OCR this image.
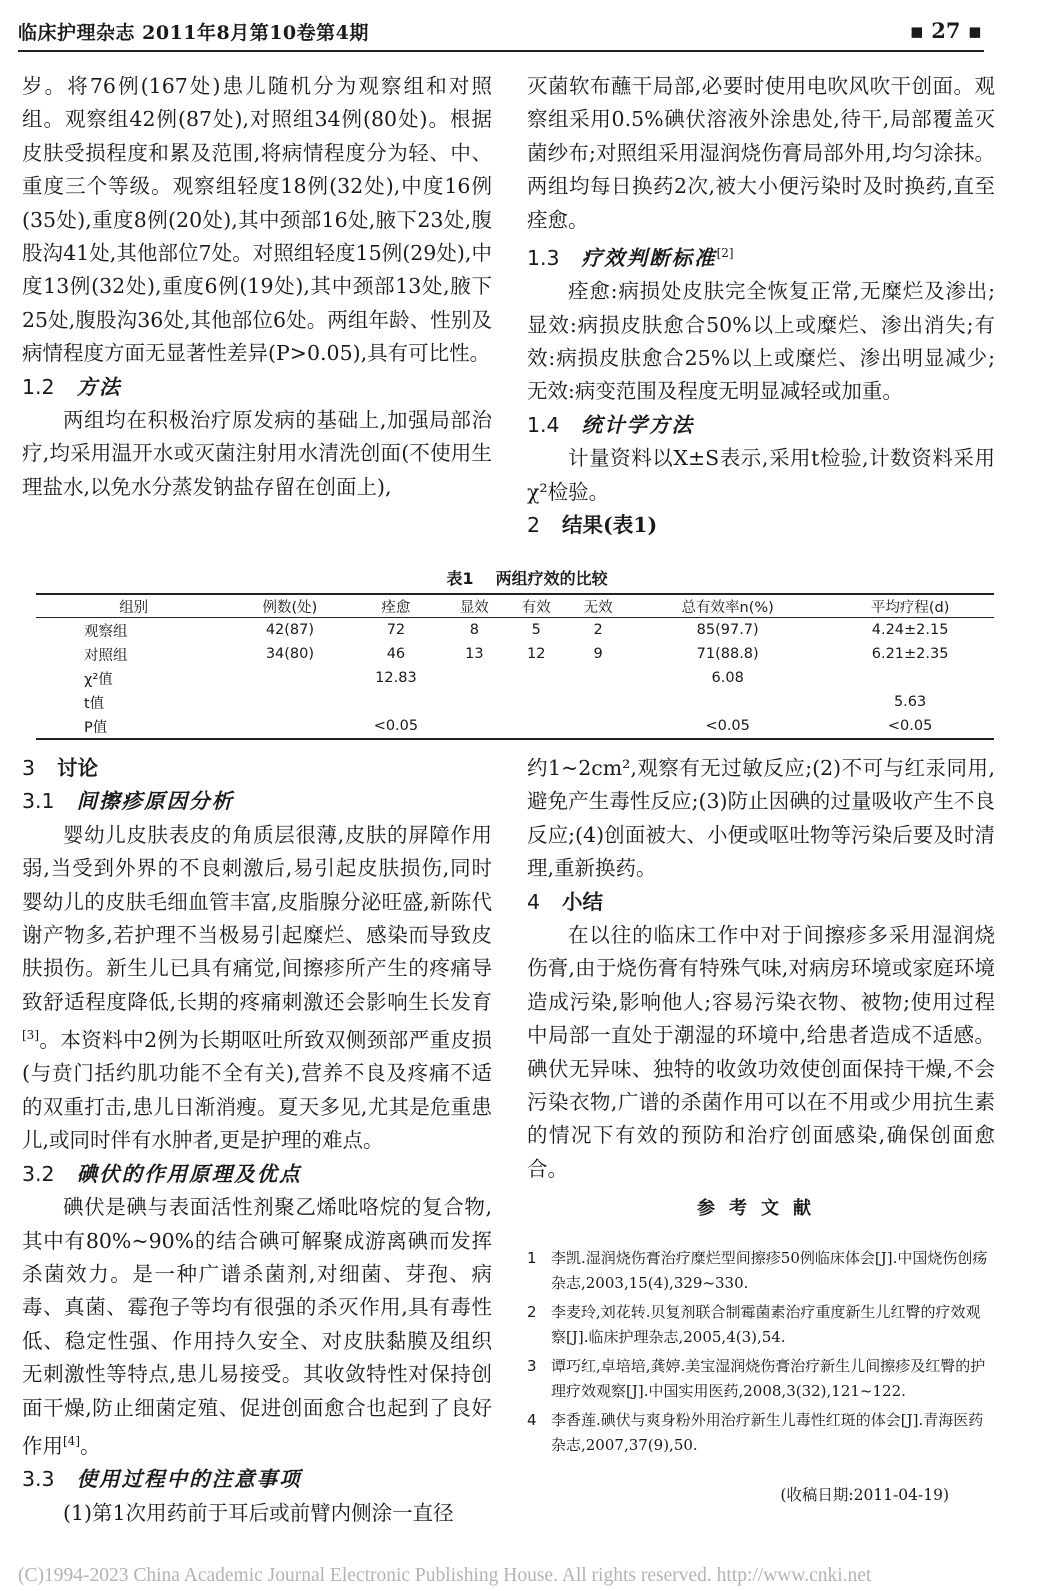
临床护理杂志 2011年8月第10卷第4期	▪ 27 ▪

岁。将76例(167处)患儿随机分为观察组和对照组。观察组42例(87处),对照组34例(80处)。根据皮肤受损程度和累及范围,将病情程度分为轻、中、重度三个等级。观察组轻度18例(32处),中度16例(35处),重度8例(20处),其中颈部16处,腋下23处,腹股沟41处,其他部位7处。对照组轻度15例(29处),中度13例(32处),重度6例(19处),其中颈部13处,腋下25处,腹股沟36处,其他部位6处。两组年龄、性别及病情程度方面无显著性差异(P>0.05),具有可比性。

1.2 方法

两组均在积极治疗原发病的基础上,加强局部治疗,均采用温开水或灭菌注射用水清洗创面(不使用生理盐水,以免水分蒸发钠盐存留在创面上),

灭菌软布蘸干局部,必要时使用电吹风吹干创面。观察组采用0.5%碘伏溶液外涂患处,待干,局部覆盖灭菌纱布;对照组采用湿润烧伤膏局部外用,均匀涂抹。两组均每日换药2次,被大小便污染时及时换药,直至痊愈。

1.3 疗效判断标准[2]

痊愈:病损处皮肤完全恢复正常,无糜烂及渗出;显效:病损皮肤愈合50%以上或糜烂、渗出消失;有效:病损皮肤愈合25%以上或糜烂、渗出明显减少;无效:病变范围及程度无明显减轻或加重。

1.4 统计学方法

计量资料以X±S表示,采用t检验,计数资料采用χ²检验。

2 结果(表1)
表1 两组疗效的比较
组别	例数(处)	痊愈	显效	有效	无效	总有效率n(%)	平均疗程(d)
观察组	42(87)	72	8	5	2	85(97.7)	4.24±2.15
对照组	34(80)	46	13	12	9	71(88.8)	6.21±2.35
χ²值		12.83				6.08	
t值							5.63
P值		<0.05				<0.05	<0.05
3 讨论
3.1 间擦疹原因分析

婴幼儿皮肤表皮的角质层很薄,皮肤的屏障作用弱,当受到外界的不良刺激后,易引起皮肤损伤,同时婴幼儿的皮肤毛细血管丰富,皮脂腺分泌旺盛,新陈代谢产物多,若护理不当极易引起糜烂、感染而导致皮肤损伤。新生儿已具有痛觉,间擦疹所产生的疼痛导致舒适程度降低,长期的疼痛刺激还会影响生长发育[3]。本资料中2例为长期呕吐所致双侧颈部严重皮损(与贲门括约肌功能不全有关),营养不良及疼痛不适的双重打击,患儿日渐消瘦。夏天多见,尤其是危重患儿,或同时伴有水肿者,更是护理的难点。

3.2 碘伏的作用原理及优点

碘伏是碘与表面活性剂聚乙烯吡咯烷的复合物,其中有80%~90%的结合碘可解聚成游离碘而发挥杀菌效力。是一种广谱杀菌剂,对细菌、芽孢、病毒、真菌、霉孢子等均有很强的杀灭作用,具有毒性低、稳定性强、作用持久安全、对皮肤黏膜及组织无刺激性等特点,患儿易接受。其收敛特性对保持创面干燥,防止细菌定殖、促进创面愈合也起到了良好作用[4]。

3.3 使用过程中的注意事项

(1)第1次用药前于耳后或前臂内侧涂一直径

约1~2cm²,观察有无过敏反应;(2)不可与红汞同用,避免产生毒性反应;(3)防止因碘的过量吸收产生不良反应;(4)创面被大、小便或呕吐物等污染后要及时清理,重新换药。

4 小结

在以往的临床工作中对于间擦疹多采用湿润烧伤膏,由于烧伤膏有特殊气味,对病房环境或家庭环境造成污染,影响他人;容易污染衣物、被物;使用过程中局部一直处于潮湿的环境中,给患者造成不适感。碘伏无异味、独特的收敛功效使创面保持干燥,不会污染衣物,广谱的杀菌作用可以在不用或少用抗生素的情况下有效的预防和治疗创面感染,确保创面愈合。

参考文献
1 李凯.湿润烧伤膏治疗糜烂型间擦疹50例临床体会[J].中国烧伤创疡杂志,2003,15(4),329~330.
2 李麦玲,刘花转.贝复剂联合制霉菌素治疗重度新生儿红臀的疗效观察[J].临床护理杂志,2005,4(3),54.
3 谭巧红,卓培培,龚婷.美宝湿润烧伤膏治疗新生儿间擦疹及红臀的护理疗效观察[J].中国实用医药,2008,3(32),121~122.
4 李香莲.碘伏与爽身粉外用治疗新生儿毒性红斑的体会[J].青海医药杂志,2007,37(9),50.
(收稿日期:2011-04-19)
(C)1994-2023 China Academic Journal Electronic Publishing House. All rights reserved. http://www.cnki.net
